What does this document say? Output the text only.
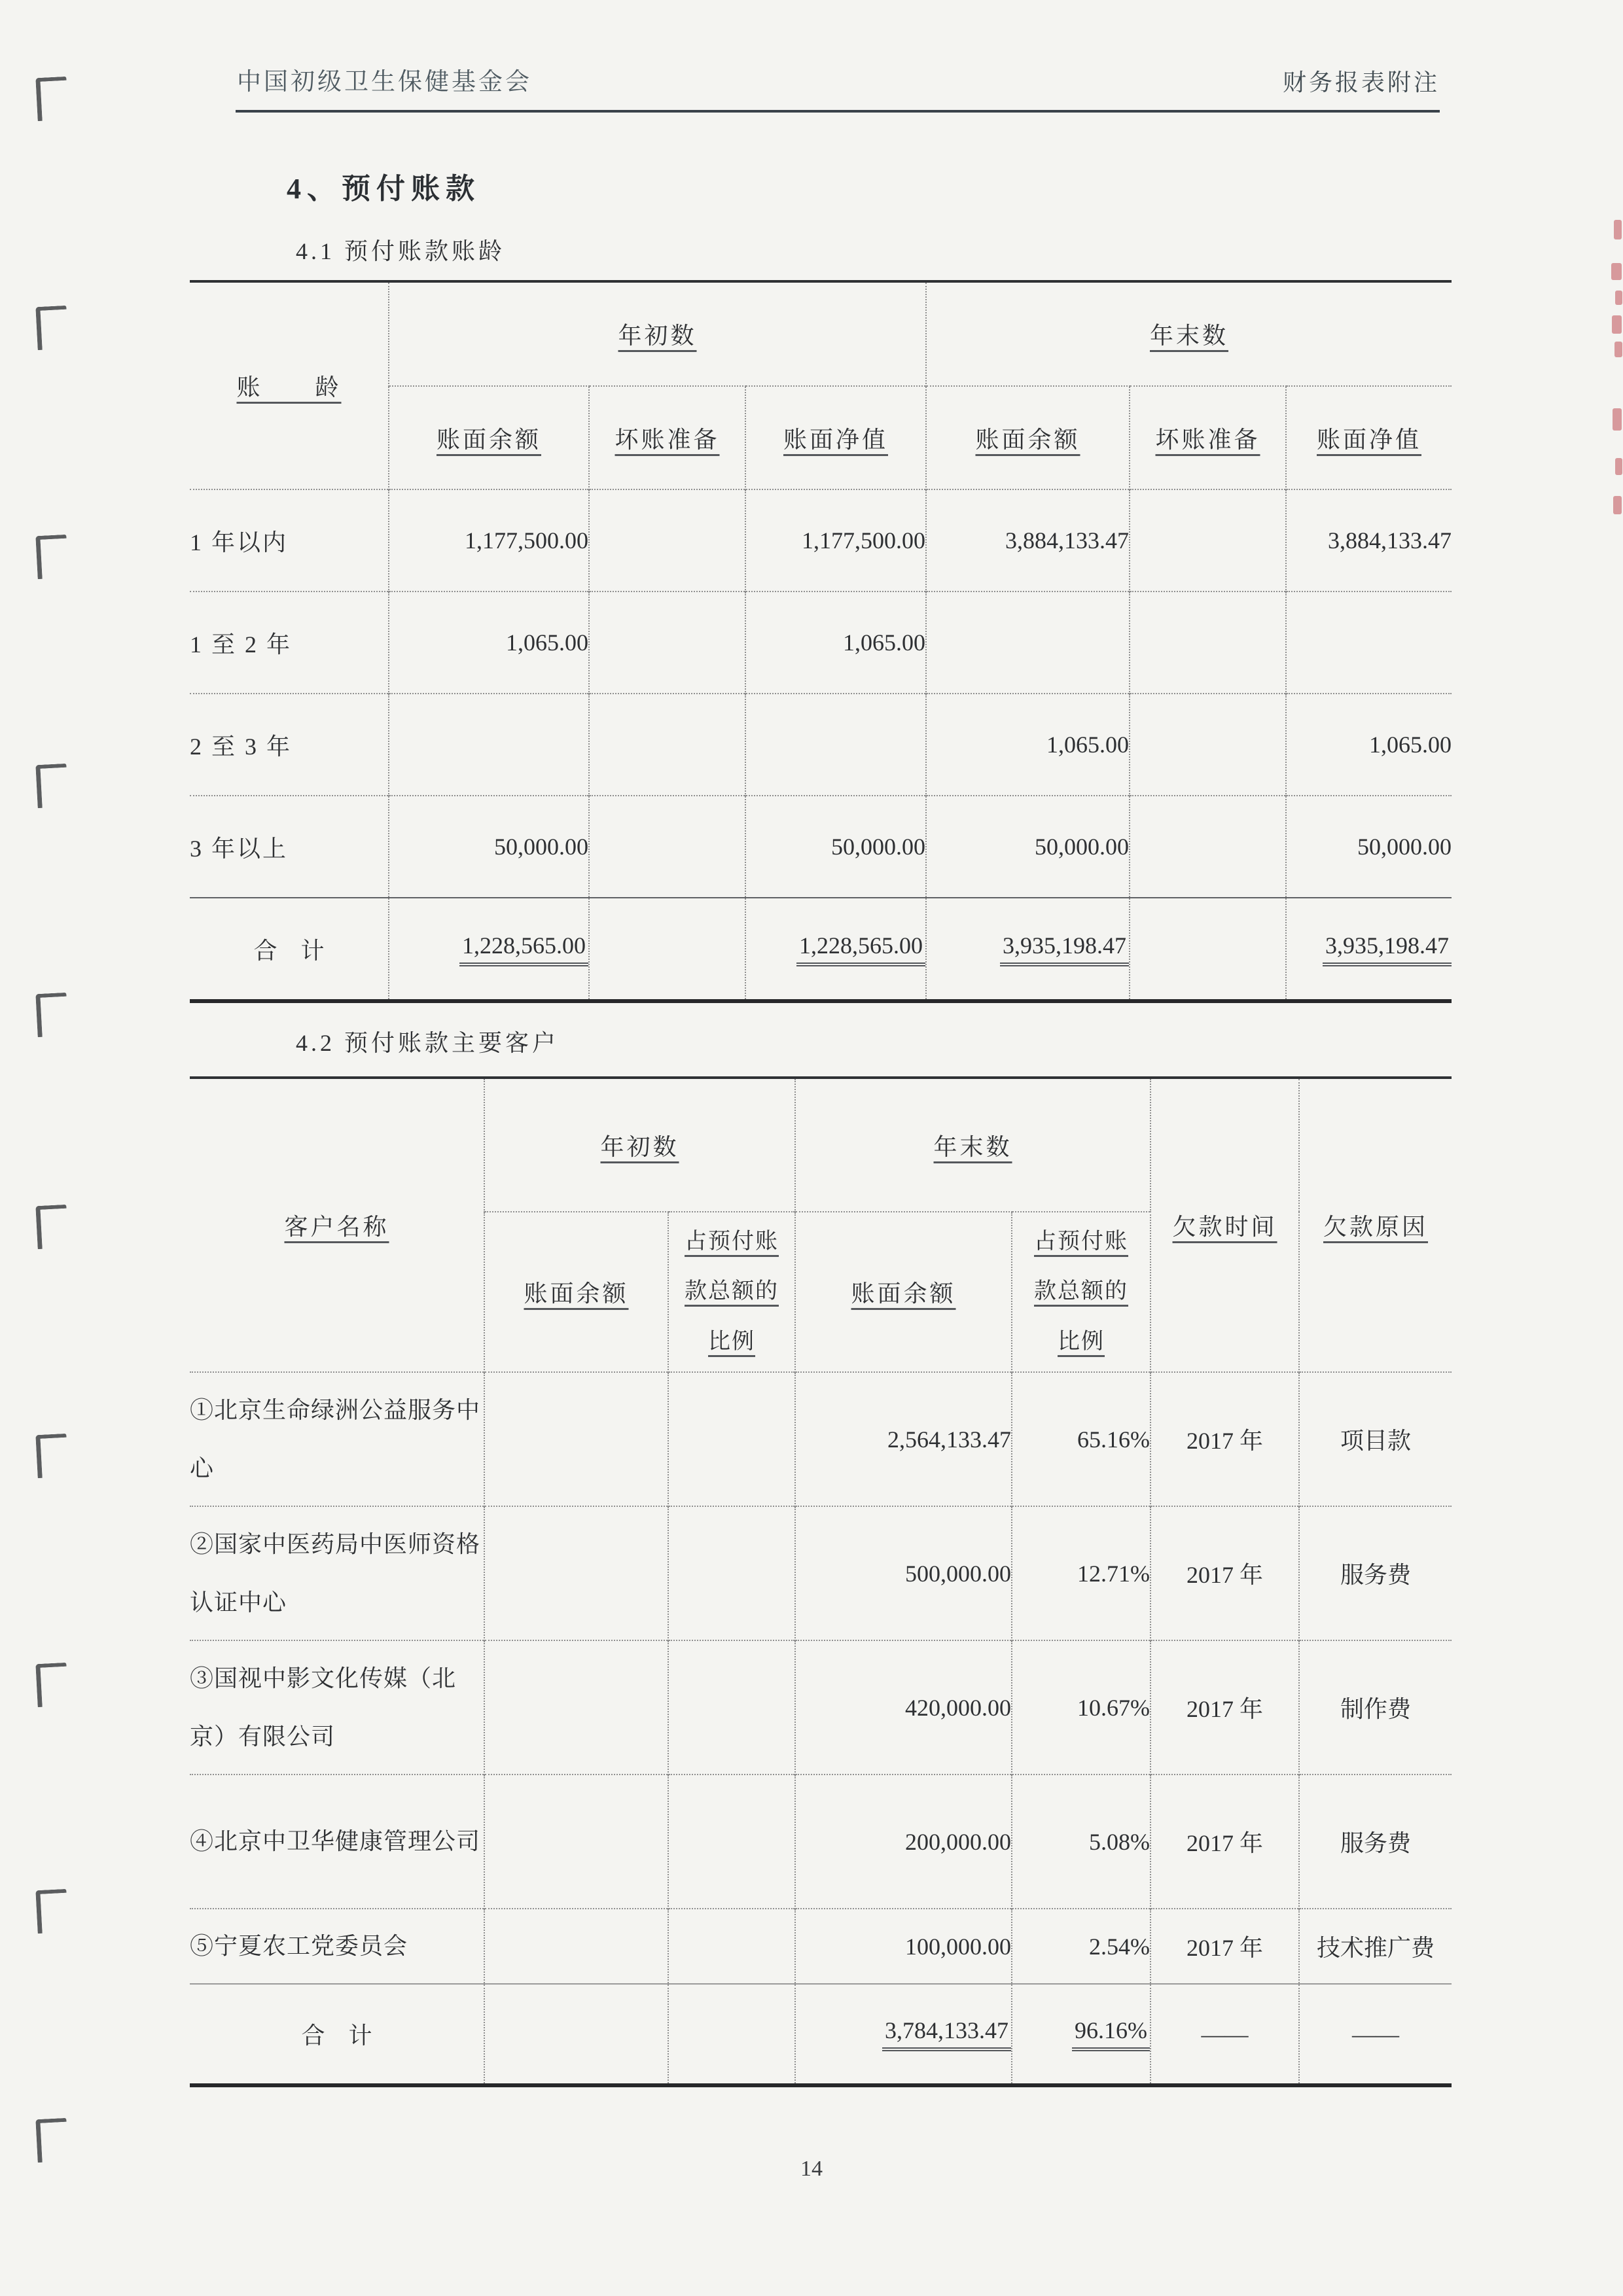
中国初级卫生保健基金会	财务报表附注
4、预付账款
4.1 预付账款账龄
4.2 预付账款主要客户
账　　龄	年初数			年末数		
	账面余额	坏账准备	账面净值	账面余额	坏账准备	账面净值
1 年以内	1,177,500.00		1,177,500.00	3,884,133.47		3,884,133.47
1 至 2 年	1,065.00		1,065.00			
2 至 3 年				1,065.00		1,065.00
3 年以上	50,000.00		50,000.00	50,000.00		50,000.00
合　计	1,228,565.00		1,228,565.00	3,935,198.47		3,935,198.47
客户名称	年初数		年末数		欠款时间	欠款原因
	账面余额	占预付账款总额的比例	账面余额	占预付账款总额的比例		
①北京生命绿洲公益服务中心			2,564,133.47	65.16%	2017 年	项目款
②国家中医药局中医师资格认证中心			500,000.00	12.71%	2017 年	服务费
③国视中影文化传媒（北京）有限公司			420,000.00	10.67%	2017 年	制作费
④北京中卫华健康管理公司			200,000.00	5.08%	2017 年	服务费
⑤宁夏农工党委员会			100,000.00	2.54%	2017 年	技术推广费
合　计			3,784,133.47	96.16%	——	——
14
